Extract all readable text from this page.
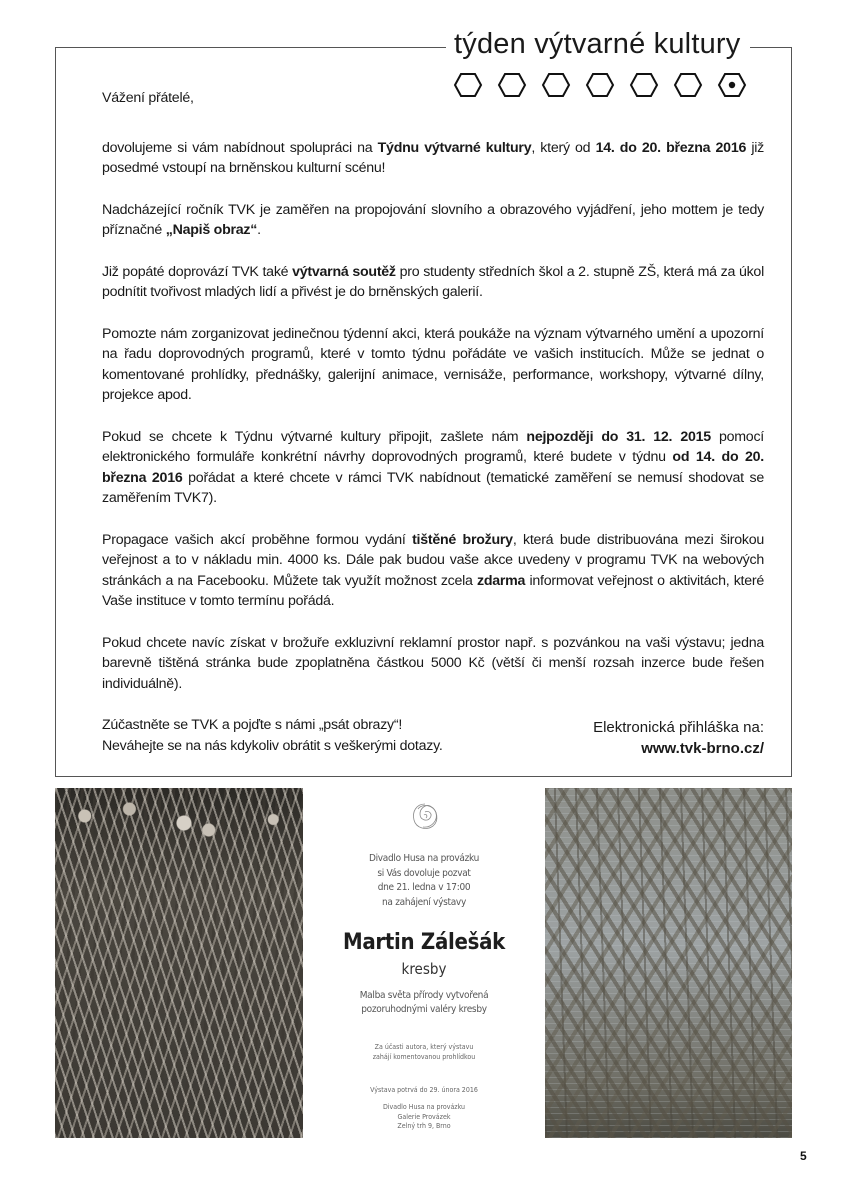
týden výtvarné kultury

Vážení přátelé,

dovolujeme si vám nabídnout spolupráci na Týdnu výtvarné kultury, který od 14. do 20. března 2016 již posedmé vstoupí na brněnskou kulturní scénu!

Nadcházející ročník TVK je zaměřen na propojování slovního a obrazového vyjádření, jeho mottem je tedy příznačné „Napiš obraz“.

Již popáté doprovází TVK také výtvarná soutěž pro studenty středních škol a 2. stupně ZŠ, která má za úkol podnítit tvořivost mladých lidí a přivést je do brněnských galerií.

Pomozte nám zorganizovat jedinečnou týdenní akci, která poukáže na význam výtvarného umění a upozorní na řadu doprovodných programů, které v tomto týdnu pořádáte ve vašich institucích. Může se jednat o komentované prohlídky, přednášky, galerijní animace, vernisáže, performance, workshopy, výtvarné dílny, projekce apod.

Pokud se chcete k Týdnu výtvarné kultury připojit, zašlete nám nejpozději do 31. 12. 2015 pomocí elektronického formuláře konkrétní návrhy doprovodných programů, které budete v týdnu od 14. do 20. března 2016 pořádat a které chcete v rámci TVK nabídnout (tematické zaměření se nemusí shodovat se zaměřením TVK7).

Propagace vašich akcí proběhne formou vydání tištěné brožury, která bude distribuována mezi širokou veřejnost a to v nákladu min. 4000 ks. Dále pak budou vaše akce uvedeny v programu TVK na webových stránkách a na Facebooku. Můžete tak využít možnost zcela zdarma informovat veřejnost o aktivitách, které Vaše instituce v tomto termínu pořádá.

Pokud chcete navíc získat v brožuře exkluzivní reklamní prostor např. s pozvánkou na vaši výstavu; jedna barevně tištěná stránka bude zpoplatněna částkou 5000 Kč (větší či menší rozsah inzerce bude řešen individuálně).

Zúčastněte se TVK a pojďte s námi „psát obrazy“!

Neváhejte se na nás kdykoliv obrátit s veškerými dotazy.
Elektronická přihláška na:
www.tvk-brno.cz/
Divadlo Husa na provázku
si Vás dovoluje pozvat
dne 21. ledna v 17:00
na zahájení výstavy
Martin Zálešák
kresby
Malba světa přírody vytvořená
pozoruhodnými valéry kresby
Za účasti autora, který výstavu
zahájí komentovanou prohlídkou
Výstava potrvá do 29. února 2016
Divadlo Husa na provázku
Galerie Provázek
Zelný trh 9, Brno
5
